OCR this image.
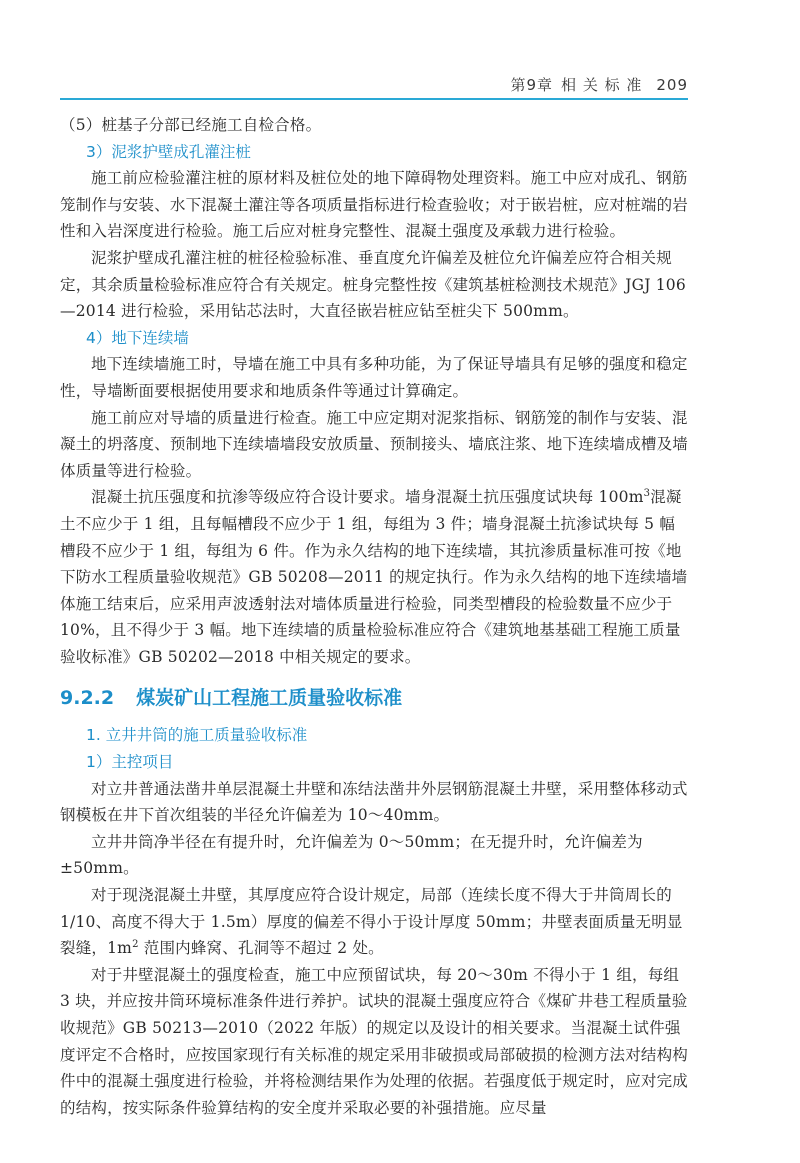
第9章 相 关 标 准 209

（5）桩基子分部已经施工自检合格。

3）泥浆护壁成孔灌注桩

施工前应检验灌注桩的原材料及桩位处的地下障碍物处理资料。施工中应对成孔、钢筋笼制作与安装、水下混凝土灌注等各项质量指标进行检查验收；对于嵌岩桩，应对桩端的岩性和入岩深度进行检验。施工后应对桩身完整性、混凝土强度及承载力进行检验。

泥浆护壁成孔灌注桩的桩径检验标准、垂直度允许偏差及桩位允许偏差应符合相关规定，其余质量检验标准应符合有关规定。桩身完整性按《建筑基桩检测技术规范》JGJ 106—2014 进行检验，采用钻芯法时，大直径嵌岩桩应钻至桩尖下 500mm。

4）地下连续墙

地下连续墙施工时，导墙在施工中具有多种功能，为了保证导墙具有足够的强度和稳定性，导墙断面要根据使用要求和地质条件等通过计算确定。

施工前应对导墙的质量进行检查。施工中应定期对泥浆指标、钢筋笼的制作与安装、混凝土的坍落度、预制地下连续墙墙段安放质量、预制接头、墙底注浆、地下连续墙成槽及墙体质量等进行检验。

混凝土抗压强度和抗渗等级应符合设计要求。墙身混凝土抗压强度试块每 $100m^3$混凝土不应少于 1 组，且每幅槽段不应少于 1 组，每组为 3 件；墙身混凝土抗渗试块每 5 幅槽段不应少于 1 组，每组为 6 件。作为永久结构的地下连续墙，其抗渗质量标准可按《地下防水工程质量验收规范》GB 50208—2011 的规定执行。作为永久结构的地下连续墙墙体施工结束后，应采用声波透射法对墙体质量进行检验，同类型槽段的检验数量不应少于 10%，且不得少于 3 幅。地下连续墙的质量检验标准应符合《建筑地基基础工程施工质量验收标准》GB 50202—2018 中相关规定的要求。

9.2.2 煤炭矿山工程施工质量验收标准
1. 立井井筒的施工质量验收标准
1）主控项目

对立井普通法凿井单层混凝土井壁和冻结法凿井外层钢筋混凝土井壁，采用整体移动式钢模板在井下首次组装的半径允许偏差为 10～40mm。

立井井筒净半径在有提升时，允许偏差为 0～50mm；在无提升时，允许偏差为±50mm。

对于现浇混凝土井壁，其厚度应符合设计规定，局部（连续长度不得大于井筒周长的 1/10、高度不得大于 1.5m）厚度的偏差不得小于设计厚度 50mm；井壁表面质量无明显裂缝，$1m^2$ 范围内蜂窝、孔洞等不超过 2 处。

对于井壁混凝土的强度检查，施工中应预留试块，每 20～30m 不得小于 1 组，每组 3 块，并应按井筒环境标准条件进行养护。试块的混凝土强度应符合《煤矿井巷工程质量验收规范》GB 50213—2010（2022 年版）的规定以及设计的相关要求。当混凝土试件强度评定不合格时，应按国家现行有关标准的规定采用非破损或局部破损的检测方法对结构构件中的混凝土强度进行检验，并将检测结果作为处理的依据。若强度低于规定时，应对完成的结构，按实际条件验算结构的安全度并采取必要的补强措施。应尽量
